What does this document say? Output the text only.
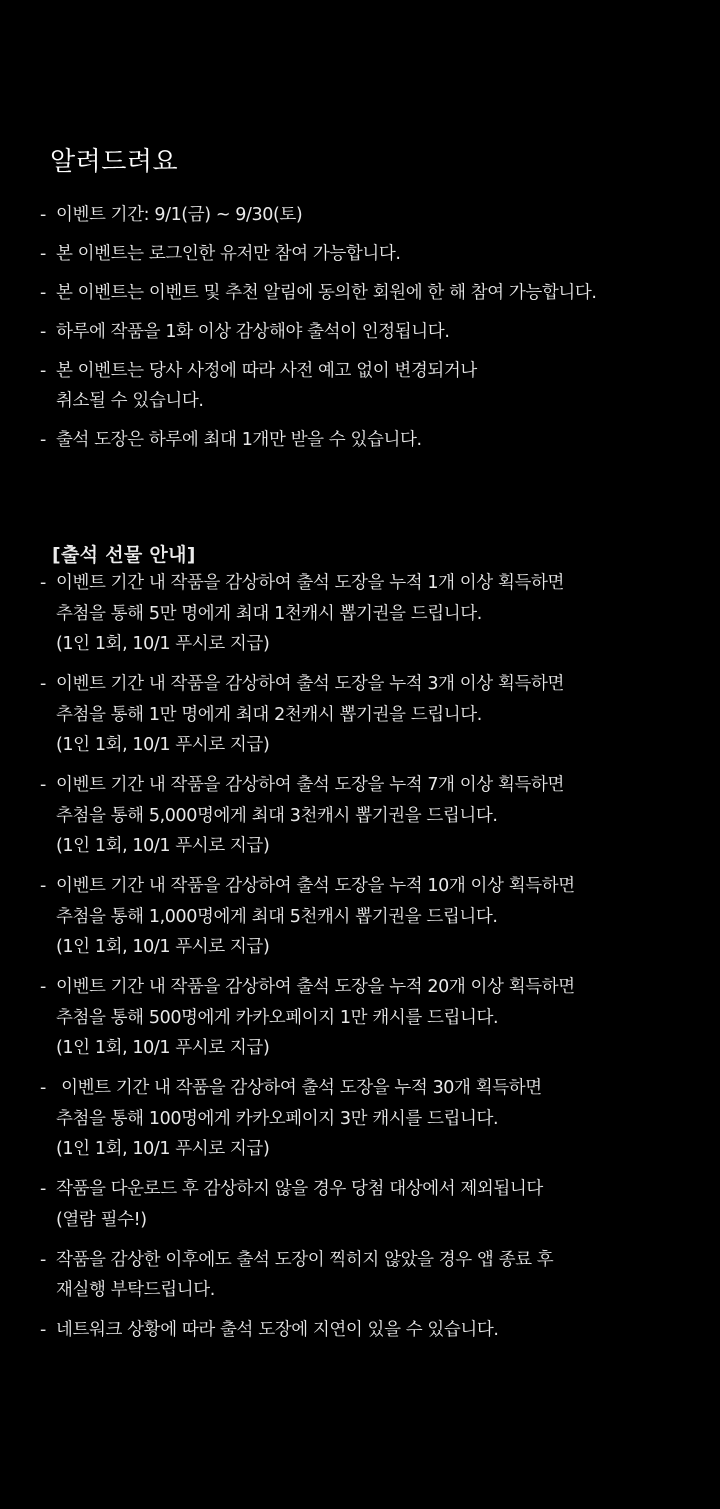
알려드려요
- 이벤트 기간: 9/1(금) ~ 9/30(토)
- 본 이벤트는 로그인한 유저만 참여 가능합니다.
- 본 이벤트는 이벤트 및 추천 알림에 동의한 회원에 한 해 참여 가능합니다.
- 하루에 작품을 1화 이상 감상해야 출석이 인정됩니다.
- 본 이벤트는 당사 사정에 따라 사전 예고 없이 변경되거나
취소될 수 있습니다.
- 출석 도장은 하루에 최대 1개만 받을 수 있습니다.
[출석 선물 안내]
- 이벤트 기간 내 작품을 감상하여 출석 도장을 누적 1개 이상 획득하면
추첨을 통해 5만 명에게 최대 1천캐시 뽑기권을 드립니다.
(1인 1회, 10/1 푸시로 지급)
- 이벤트 기간 내 작품을 감상하여 출석 도장을 누적 3개 이상 획득하면
추첨을 통해 1만 명에게 최대 2천캐시 뽑기권을 드립니다.
(1인 1회, 10/1 푸시로 지급)
- 이벤트 기간 내 작품을 감상하여 출석 도장을 누적 7개 이상 획득하면
추첨을 통해 5,000명에게 최대 3천캐시 뽑기권을 드립니다.
(1인 1회, 10/1 푸시로 지급)
- 이벤트 기간 내 작품을 감상하여 출석 도장을 누적 10개 이상 획득하면
추첨을 통해 1,000명에게 최대 5천캐시 뽑기권을 드립니다.
(1인 1회, 10/1 푸시로 지급)
- 이벤트 기간 내 작품을 감상하여 출석 도장을 누적 20개 이상 획득하면
추첨을 통해 500명에게 카카오페이지 1만 캐시를 드립니다.
(1인 1회, 10/1 푸시로 지급)
- 이벤트 기간 내 작품을 감상하여 출석 도장을 누적 30개 획득하면
추첨을 통해 100명에게 카카오페이지 3만 캐시를 드립니다.
(1인 1회, 10/1 푸시로 지급)
- 작품을 다운로드 후 감상하지 않을 경우 당첨 대상에서 제외됩니다
(열람 필수!)
- 작품을 감상한 이후에도 출석 도장이 찍히지 않았을 경우 앱 종료 후
재실행 부탁드립니다.
- 네트워크 상황에 따라 출석 도장에 지연이 있을 수 있습니다.
